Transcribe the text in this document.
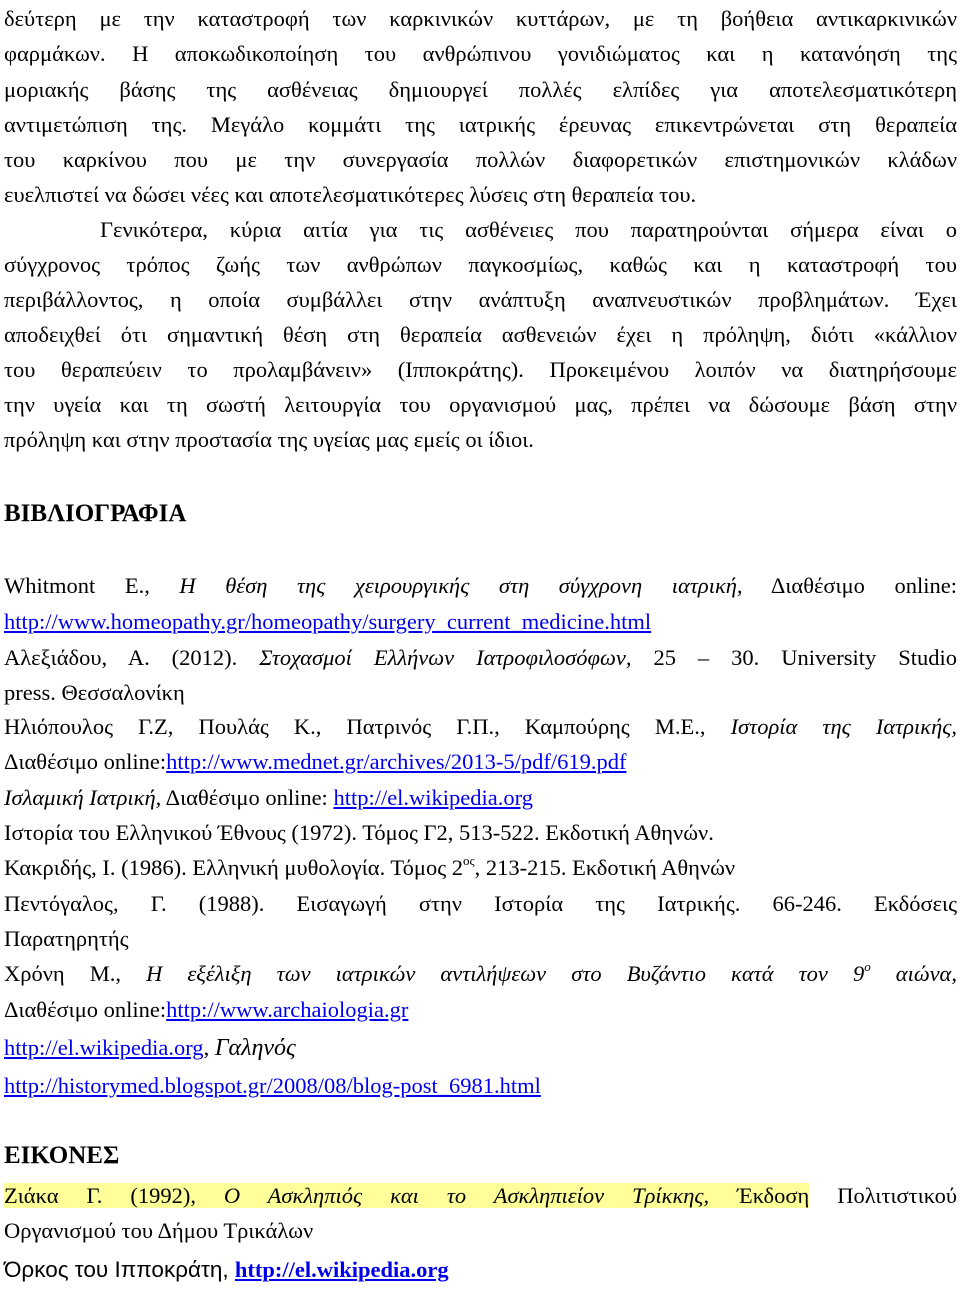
δεύτερη με την καταστροφή των καρκινικών κυττάρων, με τη βοήθεια αντικαρκινικών
φαρμάκων. Η αποκωδικοποίηση του ανθρώπινου γονιδιώματος και η κατανόηση της
μοριακής βάσης της ασθένειας δημιουργεί πολλές ελπίδες για αποτελεσματικότερη
αντιμετώπιση της. Μεγάλο κομμάτι της ιατρικής έρευνας επικεντρώνεται στη θεραπεία
του καρκίνου που με την συνεργασία πολλών διαφορετικών επιστημονικών κλάδων
ευελπιστεί να δώσει νέες και αποτελεσματικότερες λύσεις στη θεραπεία του.
Γενικότερα, κύρια αιτία για τις ασθένειες που παρατηρούνται σήμερα είναι ο
σύγχρονος τρόπος ζωής των ανθρώπων παγκοσμίως, καθώς και η καταστροφή του
περιβάλλοντος, η οποία συμβάλλει στην ανάπτυξη αναπνευστικών προβλημάτων. Έχει
αποδειχθεί ότι σημαντική θέση στη θεραπεία ασθενειών έχει η πρόληψη, διότι «κάλλιον
του θεραπεύειν το προλαμβάνειν» (Ιπποκράτης). Προκειμένου λοιπόν να διατηρήσουμε
την υγεία και τη σωστή λειτουργία του οργανισμού μας, πρέπει να δώσουμε βάση στην
πρόληψη και στην προστασία της υγείας μας εμείς οι ίδιοι.
ΒΙΒΛΙΟΓΡΑΦΙΑ
Whitmont E., Η θέση της χειρουργικής στη σύγχρονη ιατρική, Διαθέσιμο online:
http://www.homeopathy.gr/homeopathy/surgery_current_medicine.html
Αλεξιάδου, Α. (2012). Στοχασμοί Ελλήνων Ιατροφιλοσόφων, 25 – 30. University Studio
press. Θεσσαλονίκη
Ηλιόπουλος Γ.Ζ, Πουλάς Κ., Πατρινός Γ.Π., Καμπούρης Μ.Ε., Ιστορία της Ιατρικής,
Διαθέσιμο online:http://www.mednet.gr/archives/2013-5/pdf/619.pdf
Ισλαμική Ιατρική, Διαθέσιμο online: http://el.wikipedia.org
Ιστορία του Ελληνικού Έθνους (1972). Τόμος Γ2, 513-522. Εκδοτική Αθηνών.
Κακριδής, Ι. (1986). Ελληνική μυθολογία. Τόμος $2^{o\varsigma}$, 213-215. Εκδοτική Αθηνών
Πεντόγαλος, Γ. (1988). Εισαγωγή στην Ιστορία της Ιατρικής. 66-246. Εκδόσεις
Παρατηρητής
Χρόνη Μ., Η εξέλιξη των ιατρικών αντιλήψεων στο Βυζάντιο κατά τον $9^o$ αιώνα,
Διαθέσιμο online:http://www.archaiologia.gr
http://el.wikipedia.org, Γαληνός
http://historymed.blogspot.gr/2008/08/blog-post_6981.html
ΕΙΚΟΝΕΣ
Ζιάκα Γ. (1992), Ο Ασκληπιός και το Ασκληπιείον Τρίκκης, Έκδοση Πολιτιστικού
Οργανισμού του Δήμου Τρικάλων
Όρκος του Ιπποκράτη, http://el.wikipedia.org
